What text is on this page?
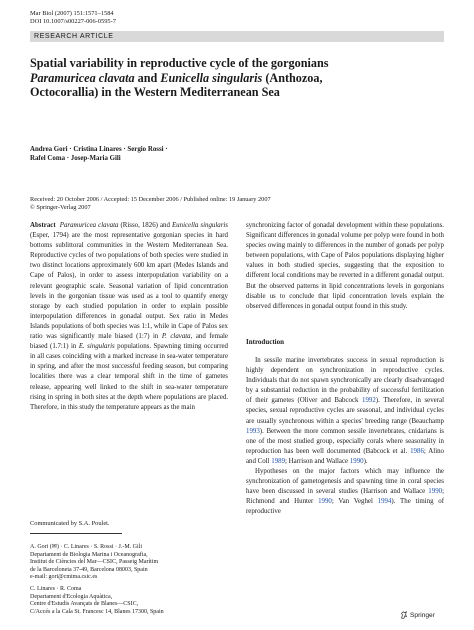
Mar Biol (2007) 151:1571–1584
DOI 10.1007/s00227-006-0595-7
RESEARCH ARTICLE
Spatial variability in reproductive cycle of the gorgonians
Paramuricea clavata and Eunicella singularis (Anthozoa,
Octocorallia) in the Western Mediterranean Sea
Andrea Gori · Cristina Linares · Sergio Rossi ·
Rafel Coma · Josep-Maria Gili
Received: 20 October 2006 / Accepted: 15 December 2006 / Published online: 19 January 2007
© Springer-Verlag 2007

Abstract Paramuricea clavata (Risso, 1826) and Eunicella singularis (Esper, 1794) are the most representative gorgonian species in hard bottoms sublittoral communities in the Western Mediterranean Sea. Reproductive cycles of two populations of both species were studied in two distinct locations approximately 600 km apart (Medes Islands and Cape of Palos), in order to assess interpopulation variability on a relevant geographic scale. Seasonal variation of lipid concentration levels in the gorgonian tissue was used as a tool to quantify energy storage by each studied population in order to explain possible interpopulation differences in gonadal output. Sex ratio in Medes Islands populations of both species was 1:1, while in Cape of Palos sex ratio was significantly male biased (1:7) in P. clavata, and female biased (1.7:1) in E. singularis populations. Spawning timing occurred in all cases coinciding with a marked increase in sea-water temperature in spring, and after the most successful feeding season, but comparing localities there was a clear temporal shift in the time of gametes release, appearing well linked to the shift in sea-water temperature rising in spring in both sites at the depth where populations are placed. Therefore, in this study the temperature appears as the main

synchronizing factor of gonadal development within these populations. Significant differences in gonadal volume per polyp were found in both species owing mainly to differences in the number of gonads per polyp between populations, with Cape of Palos populations displaying higher values in both studied species, suggesting that the exposition to different local conditions may be reverted in a different gonadal output. But the observed patterns in lipid concentrations levels in gorgonians disable us to conclude that lipid concentration levels explain the observed differences in gonadal output found in this study.

Communicated by S.A. Poulet.

A. Gori (✉) · C. Linares · S. Rossi · J.-M. Gili
Departament de Biologia Marina i Oceanografia,
Institut de Ciències del Mar—CSIC, Passeig Marítim
de la Barceloneta 37-49, Barcelona 08003, Spain
e-mail: gori@cmima.csic.es

C. Linares · R. Coma
Departament d'Ecologia Aquàtica,
Centre d'Estudis Avançats de Blanes—CSIC,
C/Accés a la Cala St. Francesc 14, Blanes 17300, Spain

Introduction

In sessile marine invertebrates success in sexual reproduction is highly dependent on synchronization in reproductive cycles. Individuals that do not spawn synchronically are clearly disadvantaged by a substantial reduction in the probability of successful fertilization of their gametes (Oliver and Babcock 1992). Therefore, in several species, sexual reproductive cycles are seasonal, and individual cycles are usually synchronous within a species' breeding range (Beauchamp 1993). Between the more common sessile invertebrates, cnidarians is one of the most studied group, especially corals where seasonality in reproduction has been well documented (Babcock et al. 1986; Alino and Coll 1989; Harrison and Wallace 1990).

Hypotheses on the major factors which may influence the synchronization of gametogenesis and spawning time in coral species have been discussed in several studies (Harrison and Wallace 1990; Richmond and Hunter 1990; Van Veghel 1994). The timing of reproductive

Springer
